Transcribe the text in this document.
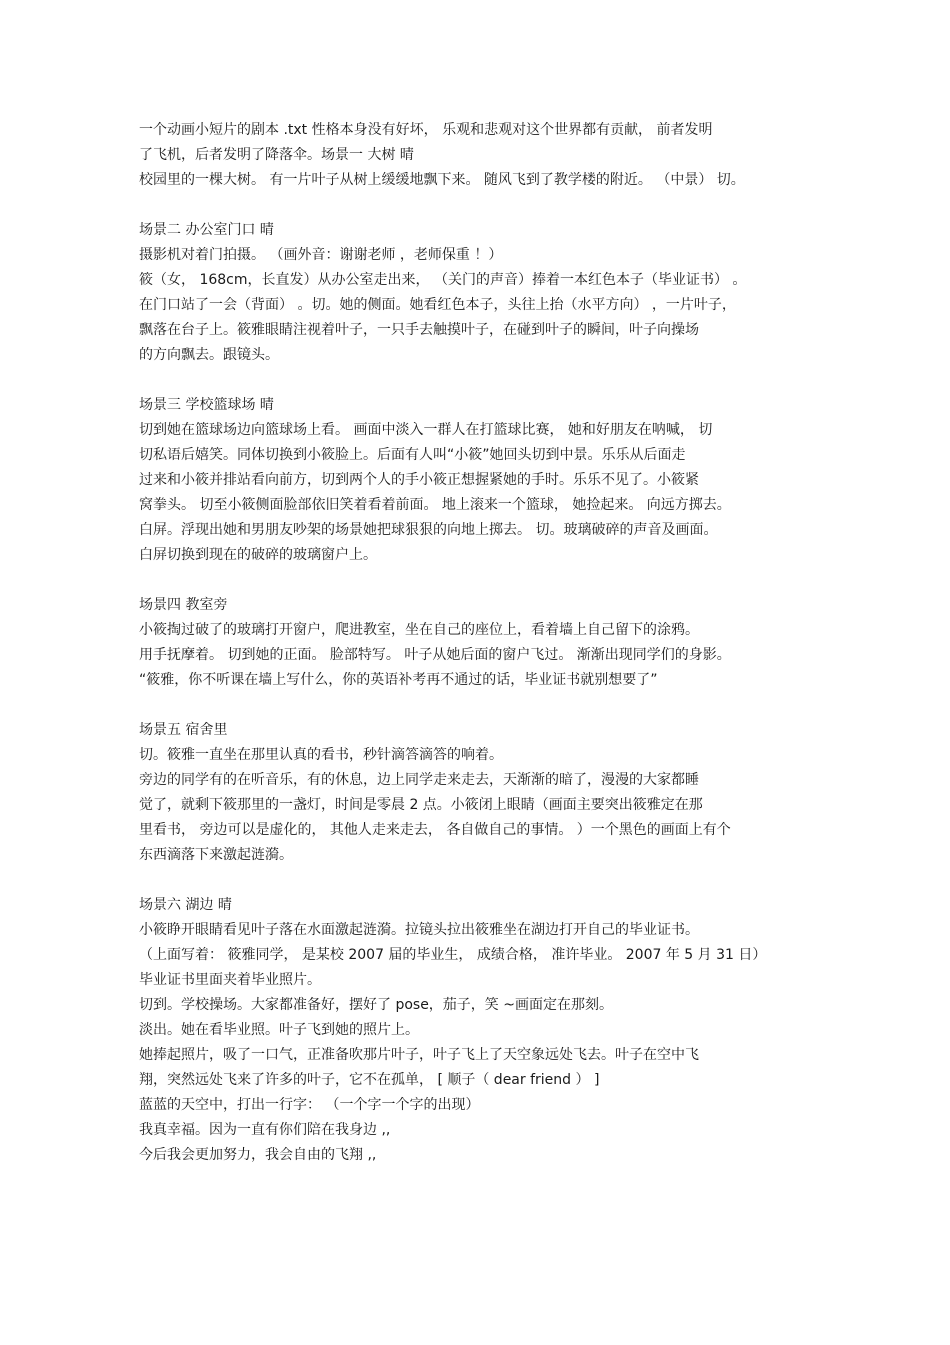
一个动画小短片的剧本 .txt 性格本身没有好坏， 乐观和悲观对这个世界都有贡献， 前者发明
了飞机，后者发明了降落伞。场景一 大树 晴
校园里的一棵大树。 有一片叶子从树上缓缓地飘下来。 随风飞到了教学楼的附近。 （中景） 切。
场景二 办公室门口 晴
摄影机对着门拍摄。 （画外音：谢谢老师 ，老师保重 ！）
筱（女， 168cm，长直发）从办公室走出来， （关门的声音）捧着一本红色本子（毕业证书） 。
在门口站了一会（背面） 。切。她的侧面。她看红色本子，头往上抬（水平方向） ，一片叶子，
飘落在台子上。筱雅眼睛注视着叶子，一只手去触摸叶子，在碰到叶子的瞬间，叶子向操场
的方向飘去。跟镜头。
场景三 学校篮球场 晴
切到她在篮球场边向篮球场上看。 画面中淡入一群人在打篮球比赛， 她和好朋友在呐喊， 切
切私语后嬉笑。同体切换到小筱脸上。后面有人叫“小筱”她回头切到中景。乐乐从后面走
过来和小筱并排站看向前方，切到两个人的手小筱正想握紧她的手时。乐乐不见了。小筱紧
窝拳头。 切至小筱侧面脸部依旧笑着看着前面。 地上滚来一个篮球， 她捡起来。 向远方掷去。
白屏。浮现出她和男朋友吵架的场景她把球狠狠的向地上掷去。 切。玻璃破碎的声音及画面。
白屏切换到现在的破碎的玻璃窗户上。
场景四 教室旁
小筱掏过破了的玻璃打开窗户，爬进教室，坐在自己的座位上，看着墙上自己留下的涂鸦。
用手抚摩着。 切到她的正面。 脸部特写。 叶子从她后面的窗户飞过。 渐渐出现同学们的身影。
“筱雅，你不听课在墙上写什么，你的英语补考再不通过的话，毕业证书就别想要了”
场景五 宿舍里
切。筱雅一直坐在那里认真的看书，秒针滴答滴答的响着。
旁边的同学有的在听音乐，有的休息，边上同学走来走去，天渐渐的暗了，漫漫的大家都睡
觉了，就剩下筱那里的一盏灯，时间是零晨 2 点。小筱闭上眼睛（画面主要突出筱雅定在那
里看书， 旁边可以是虚化的， 其他人走来走去， 各自做自己的事情。 ）一个黑色的画面上有个
东西滴落下来激起涟漪。
场景六 湖边 晴
小筱睁开眼睛看见叶子落在水面激起涟漪。拉镜头拉出筱雅坐在湖边打开自己的毕业证书。
（上面写着： 筱雅同学， 是某校 2007 届的毕业生， 成绩合格， 准许毕业。 2007 年 5 月 31 日）
毕业证书里面夹着毕业照片。
切到。学校操场。大家都准备好，摆好了 pose，茄子，笑 ~画面定在那刻。
淡出。她在看毕业照。叶子飞到她的照片上。
她捧起照片，吸了一口气，正准备吹那片叶子，叶子飞上了天空象远处飞去。叶子在空中飞
翔，突然远处飞来了许多的叶子，它不在孤单， [ 顺子（ dear friend ） ]
蓝蓝的天空中，打出一行字： （一个字一个字的出现）
我真幸福。因为一直有你们陪在我身边 ,,
今后我会更加努力，我会自由的飞翔 ,,
